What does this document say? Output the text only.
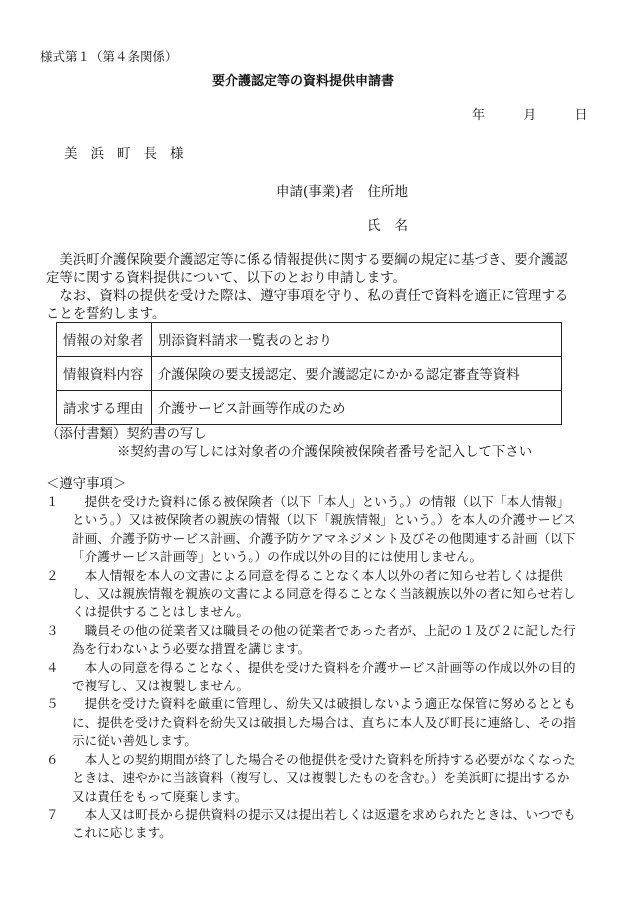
様式第１（第４条関係）
要介護認定等の資料提供申請書
年	月	日
美浜町長様
申請(事業)者　住所地
氏名
　美浜町介護保険要介護認定等に係る情報提供に関する要綱の規定に基づき、要介護認定等に関する資料提供について、以下のとおり申請します。
　なお、資料の提供を受けた際は、遵守事項を守り、私の責任で資料を適正に管理することを誓約します。
情報の対象者	別添資料請求一覧表のとおり
情報資料内容	介護保険の要支援認定、要介護認定にかかる認定審査等資料
請求する理由	介護サービス計画等作成のため
（添付書類）契約書の写し
※契約書の写しには対象者の介護保険被保険者番号を記入して下さい
＜遵守事項＞
１	　提供を受けた資料に係る被保険者（以下「本人」という。）の情報（以下「本人情報」という。）又は被保険者の親族の情報（以下「親族情報」という。）を本人の介護サービス計画、介護予防サービス計画、介護予防ケアマネジメント及びその他関連する計画（以下「介護サービス計画等」という。）の作成以外の目的には使用しません。
２	　本人情報を本人の文書による同意を得ることなく本人以外の者に知らせ若しくは提供し、又は親族情報を親族の文書による同意を得ることなく当該親族以外の者に知らせ若しくは提供することはしません。
３	　職員その他の従業者又は職員その他の従業者であった者が、上記の１及び２に記した行為を行わないよう必要な措置を講じます。
４	　本人の同意を得ることなく、提供を受けた資料を介護サービス計画等の作成以外の目的で複写し、又は複製しません。
５	　提供を受けた資料を厳重に管理し、紛失又は破損しないよう適正な保管に努めるとともに、提供を受けた資料を紛失又は破損した場合は、直ちに本人及び町長に連絡し、その指示に従い善処します。
６	　本人との契約期間が終了した場合その他提供を受けた資料を所持する必要がなくなったときは、速やかに当該資料（複写し、又は複製したものを含む。）を美浜町に提出するか又は責任をもって廃棄します。
７	　本人又は町長から提供資料の提示又は提出若しくは返還を求められたときは、いつでもこれに応じます。
